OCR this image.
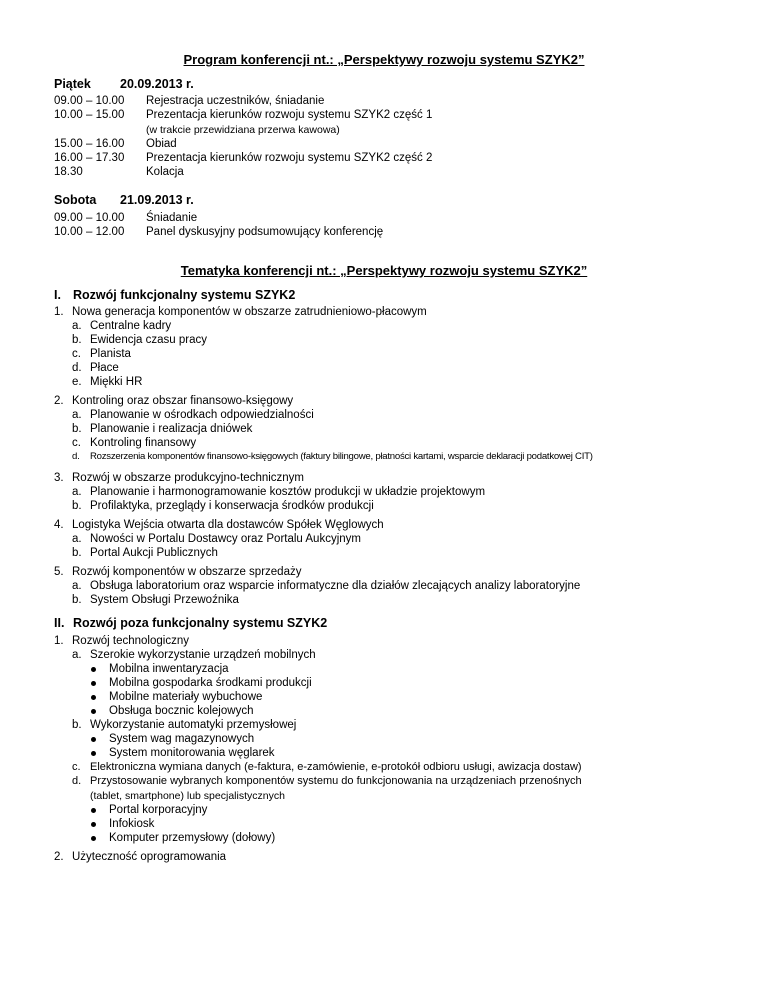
Program konferencji nt.: „Perspektywy rozwoju systemu SZYK2”
Piątek 20.09.2013 r.
09.00 – 10.00 Rejestracja uczestników, śniadanie
10.00 – 15.00 Prezentacja kierunków rozwoju systemu SZYK2 część 1
(w trakcie przewidziana przerwa kawowa)
15.00 – 16.00 Obiad
16.00 – 17.30 Prezentacja kierunków rozwoju systemu SZYK2 część 2
18.30	Kolacja
Sobota 21.09.2013 r.
09.00 – 10.00 Śniadanie
10.00 – 12.00 Panel dyskusyjny podsumowujący konferencję
Tematyka konferencji nt.: „Perspektywy rozwoju systemu SZYK2”
I. Rozwój funkcjonalny systemu SZYK2
1. Nowa generacja komponentów w obszarze zatrudnieniowo-płacowym
a. Centralne kadry
b. Ewidencja czasu pracy
c. Planista
d. Płace
e. Miękki HR
2. Kontroling oraz obszar finansowo-księgowy
a. Planowanie w ośrodkach odpowiedzialności
b. Planowanie i realizacja dniówek
c. Kontroling finansowy
d. Rozszerzenia komponentów finansowo-księgowych (faktury bilingowe, płatności kartami, wsparcie deklaracji podatkowej CIT)
3. Rozwój w obszarze produkcyjno-technicznym
a. Planowanie i harmonogramowanie kosztów produkcji w układzie projektowym
b. Profilaktyka, przeglądy i konserwacja środków produkcji
4. Logistyka Wejścia otwarta dla dostawców Spółek Węglowych
a. Nowości w Portalu Dostawcy oraz Portalu Aukcyjnym
b. Portal Aukcji Publicznych
5. Rozwój komponentów w obszarze sprzedaży
a. Obsługa laboratorium oraz wsparcie informatyczne dla działów zlecających analizy laboratoryjne
b. System Obsługi Przewoźnika
II. Rozwój poza funkcjonalny systemu SZYK2
1. Rozwój technologiczny
a. Szerokie wykorzystanie urządzeń mobilnych
Mobilna inwentaryzacja
Mobilna gospodarka środkami produkcji
Mobilne materiały wybuchowe
Obsługa bocznic kolejowych
b. Wykorzystanie automatyki przemysłowej
System wag magazynowych
System monitorowania węglarek
c. Elektroniczna wymiana danych (e-faktura, e-zamówienie, e-protokół odbioru usługi, awizacja dostaw)
d. Przystosowanie wybranych komponentów systemu do funkcjonowania na urządzeniach przenośnych
(tablet, smartphone) lub specjalistycznych
Portal korporacyjny
Infokiosk
Komputer przemysłowy (dołowy)
2. Użyteczność oprogramowania
